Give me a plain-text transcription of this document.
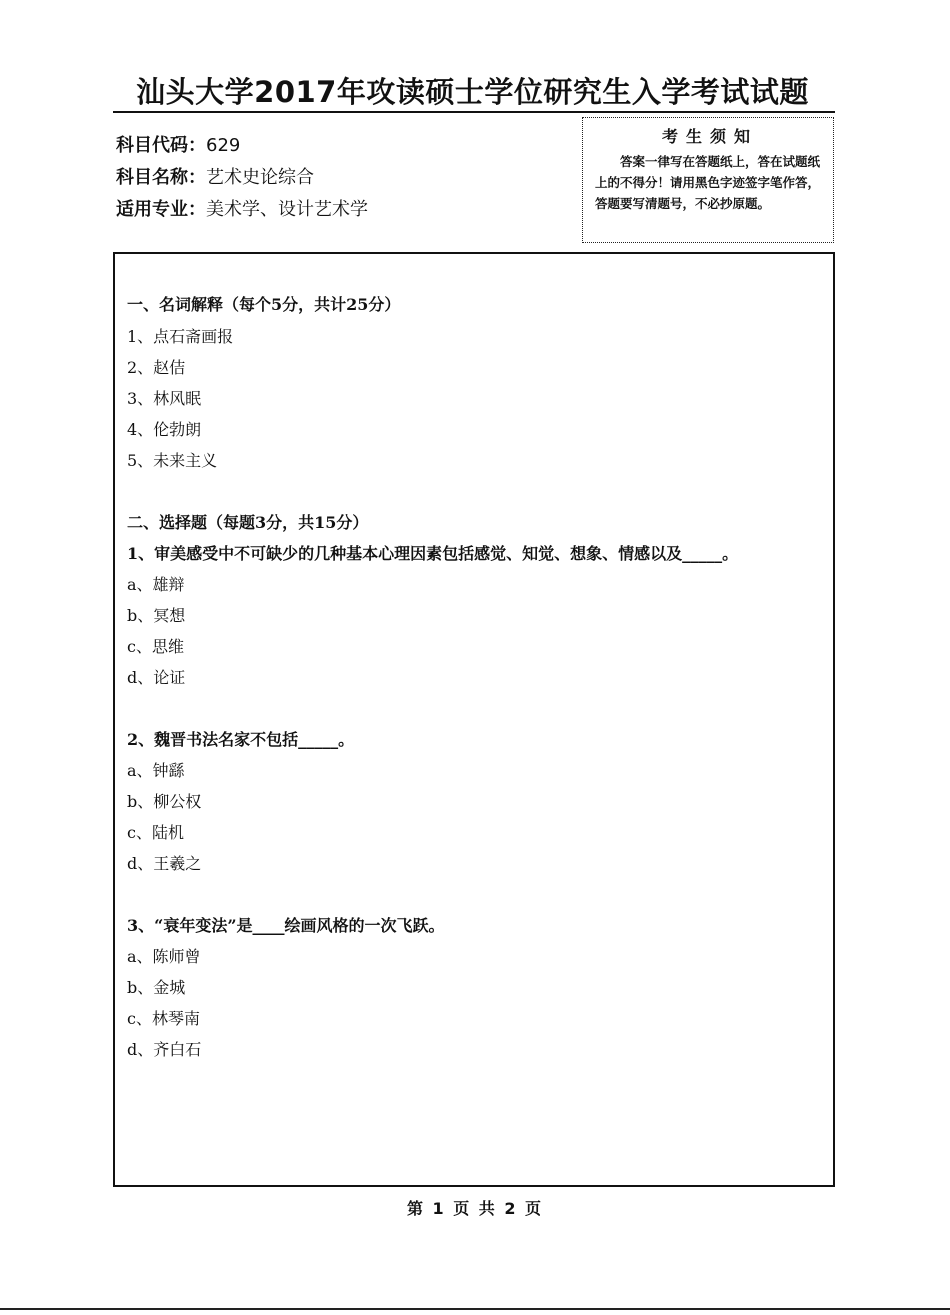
汕头大学2017年攻读硕士学位研究生入学考试试题
科目代码：629
科目名称：艺术史论综合
适用专业：美术学、设计艺术学
考生须知
答案一律写在答题纸上，答在试题纸上的不得分！请用黑色字迹签字笔作答，答题要写清题号，不必抄原题。
一、名词解释（每个5分，共计25分）
1、点石斋画报
2、赵佶
3、林风眠
4、伦勃朗
5、未来主义
二、选择题（每题3分，共15分）
1、审美感受中不可缺少的几种基本心理因素包括感觉、知觉、想象、情感以及_____。
a、雄辩
b、冥想
c、思维
d、论证
2、魏晋书法名家不包括_____。
a、钟繇
b、柳公权
c、陆机
d、王羲之
3、“衰年变法”是____绘画风格的一次飞跃。
a、陈师曾
b、金城
c、林琴南
d、齐白石
第 1 页 共 2 页
